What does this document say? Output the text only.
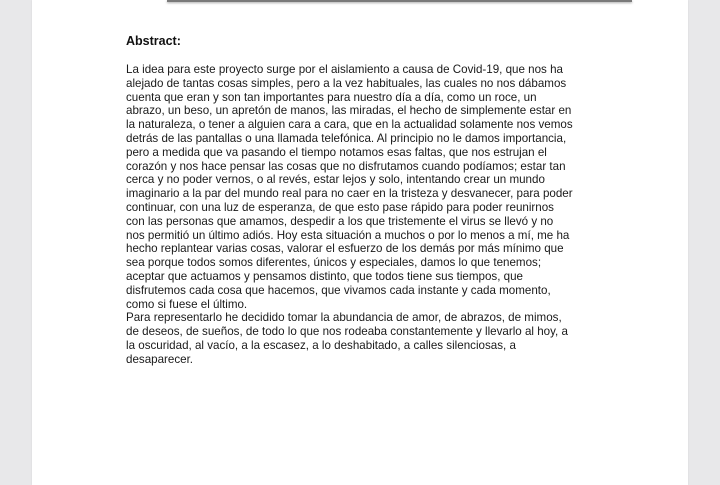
Abstract:
La idea para este proyecto surge por el aislamiento a causa de Covid-19, que nos ha
alejado de tantas cosas simples, pero a la vez habituales, las cuales no nos dábamos
cuenta que eran y son tan importantes para nuestro día a día, como un roce, un
abrazo, un beso, un apretón de manos, las miradas, el hecho de simplemente estar en
la naturaleza, o tener a alguien cara a cara, que en la actualidad solamente nos vemos
detrás de las pantallas o una llamada telefónica. Al principio no le damos importancia,
pero a medida que va pasando el tiempo notamos esas faltas, que nos estrujan el
corazón y nos hace pensar las cosas que no disfrutamos cuando podíamos; estar tan
cerca y no poder vernos, o al revés, estar lejos y solo, intentando crear un mundo
imaginario a la par del mundo real para no caer en la tristeza y desvanecer, para poder
continuar, con una luz de esperanza, de que esto pase rápido para poder reunirnos
con las personas que amamos, despedir a los que tristemente el virus se llevó y no
nos permitió un último adiós. Hoy esta situación a muchos o por lo menos a mí, me ha
hecho replantear varias cosas, valorar el esfuerzo de los demás por más mínimo que
sea porque todos somos diferentes, únicos y especiales, damos lo que tenemos;
aceptar que actuamos y pensamos distinto, que todos tiene sus tiempos, que
disfrutemos cada cosa que hacemos, que vivamos cada instante y cada momento,
como si fuese el último.
Para representarlo he decidido tomar la abundancia de amor, de abrazos, de mimos,
de deseos, de sueños, de todo lo que nos rodeaba constantemente y llevarlo al hoy, a
la oscuridad, al vacío, a la escasez, a lo deshabitado, a calles silenciosas, a
desaparecer.
